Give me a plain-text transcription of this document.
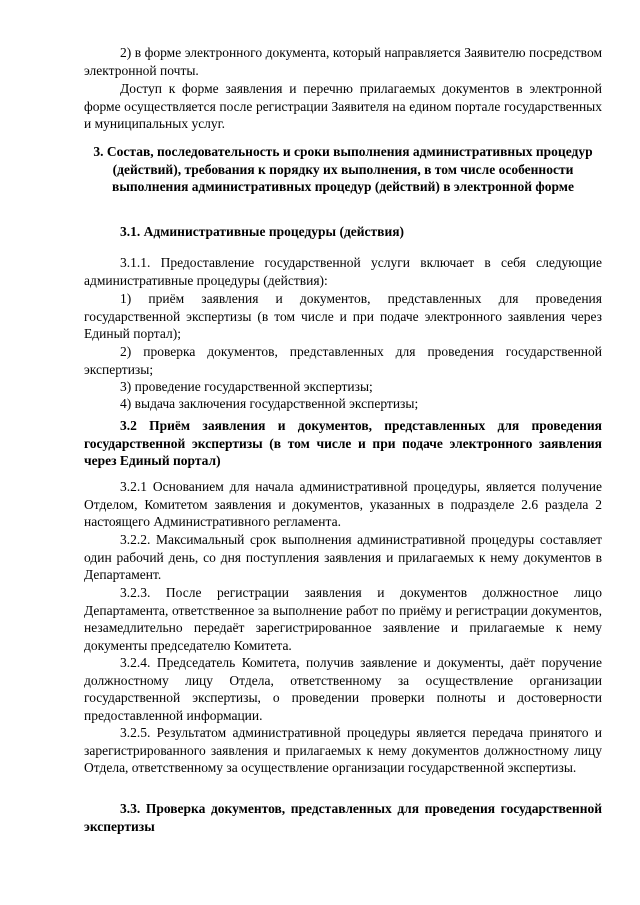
2) в форме электронного документа, который направляется Заявителю посредством электронной почты.

Доступ к форме заявления и перечню прилагаемых документов в электронной форме осуществляется после регистрации Заявителя на едином портале государственных и муниципальных услуг.

3. Состав, последовательность и сроки выполнения административных процедур (действий), требования к порядку их выполнения, в том числе особенности выполнения административных процедур (действий) в электронной форме

3.1. Административные процедуры (действия)

3.1.1. Предоставление государственной услуги включает в себя следующие административные процедуры (действия):

1) приём заявления и документов, представленных для проведения государственной экспертизы (в том числе и при подаче электронного заявления через Единый портал);

2) проверка документов, представленных для проведения государственной экспертизы;

3) проведение государственной экспертизы;

4) выдача заключения государственной экспертизы;

3.2 Приём заявления и документов, представленных для проведения государственной экспертизы (в том числе и при подаче электронного заявления через Единый портал)

3.2.1 Основанием для начала административной процедуры, является получение Отделом, Комитетом заявления и документов, указанных в подразделе 2.6 раздела 2 настоящего Административного регламента.

3.2.2. Максимальный срок выполнения административной процедуры составляет один рабочий день, со дня поступления заявления и прилагаемых к нему документов в Департамент.

3.2.3. После регистрации заявления и документов должностное лицо Департамента, ответственное за выполнение работ по приёму и регистрации документов, незамедлительно передаёт зарегистрированное заявление и прилагаемые к нему документы председателю Комитета.

3.2.4. Председатель Комитета, получив заявление и документы, даёт поручение должностному лицу Отдела, ответственному за осуществление организации государственной экспертизы, о проведении проверки полноты и достоверности предоставленной информации.

3.2.5. Результатом административной процедуры является передача принятого и зарегистрированного заявления и прилагаемых к нему документов должностному лицу Отдела, ответственному за осуществление организации государственной экспертизы.

3.3. Проверка документов, представленных для проведения государственной экспертизы
